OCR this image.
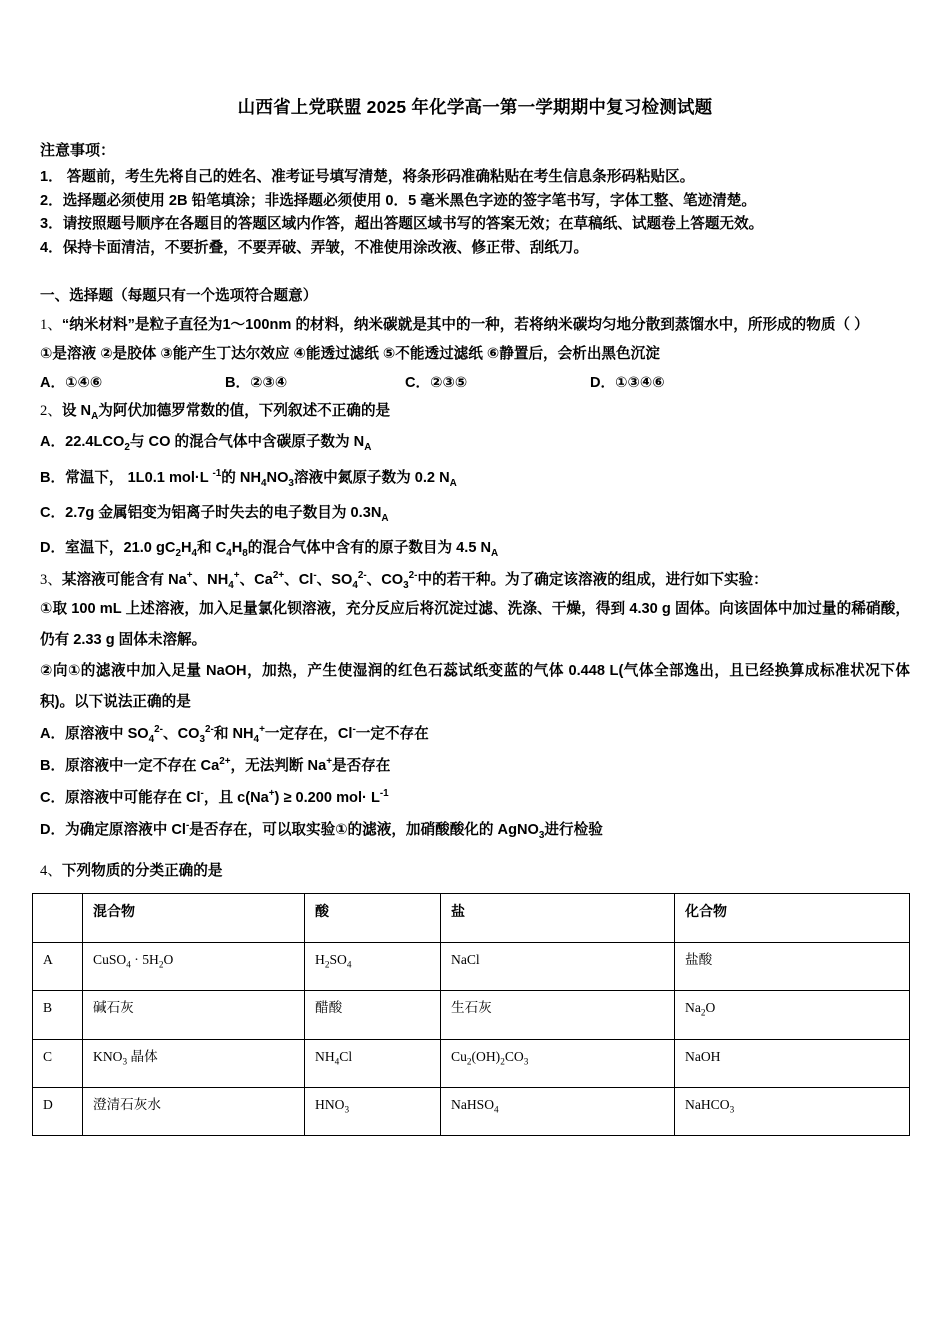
山西省上党联盟 2025 年化学高一第一学期期中复习检测试题
注意事项：
1． 答题前，考生先将自己的姓名、准考证号填写清楚，将条形码准确粘贴在考生信息条形码粘贴区。
2．选择题必须使用 2B 铅笔填涂；非选择题必须使用 0．5 毫米黑色字迹的签字笔书写，字体工整、笔迹清楚。
3．请按照题号顺序在各题目的答题区域内作答，超出答题区域书写的答案无效；在草稿纸、试题卷上答题无效。
4．保持卡面清洁，不要折叠，不要弄破、弄皱，不准使用涂改液、修正带、刮纸刀。
一、选择题（每题只有一个选项符合题意）

1、“纳米材料”是粒子直径为1～100nm 的材料，纳米碳就是其中的一种，若将纳米碳均匀地分散到蒸馏水中，所形成的物质（ ）

①是溶液 ②是胶体 ③能产生丁达尔效应 ④能透过滤纸 ⑤不能透过滤纸 ⑥静置后，会析出黑色沉淀

A．①④⑥	B．②③④	C．②③⑤	D．①③④⑥

2、设 $N_A$为阿伏加德罗常数的值，下列叙述不正确的是

A．$22.4LCO_2$与 CO 的混合气体中含碳原子数为 $N_A$

B．常温下， 1L0.1 mol·L $^{-1}$的 $NH_4NO_3$溶液中氮原子数为 0.2 $N_A$

C．2.7g 金属铝变为铝离子时失去的电子数目为 $0.3N_A$

D．室温下，21.0 $gC_2H_4$和 $C_4H_8$的混合气体中含有的原子数目为 4.5 $N_A$

3、某溶液可能含有 Na+、$NH_4^+$、$Ca^{2+}$、Cl-、$SO_4^{2-}$、$CO_3^{2-}$中的若干种。为了确定该溶液的组成，进行如下实验：

①取 100 mL 上述溶液，加入足量氯化钡溶液，充分反应后将沉淀过滤、洗涤、干燥，得到 4.30 g 固体。向该固体中加过量的稀硝酸，仍有 2.33 g 固体未溶解。

②向①的滤液中加入足量 NaOH，加热，产生使湿润的红色石蕊试纸变蓝的气体 0.448 L(气体全部逸出，且已经换算成标准状况下体积)。以下说法正确的是

A．原溶液中 $SO_4^{2-}$、$CO_3^{2-}$和 $NH_4^+$一定存在，Cl-一定不存在

B．原溶液中一定不存在 $Ca^{2+}$，无法判断 Na+是否存在

C．原溶液中可能存在 Cl-，且 c(Na+) ≥ 0.200 $mol\cdot L^{-1}$

D．为确定原溶液中 Cl-是否存在，可以取实验①的滤液，加硝酸酸化的 AgNO$_3$进行检验

4、下列物质的分类正确的是

	混合物	酸	盐	化合物
A	CuSO$_4$ · $5H_2O$	$H_2SO_4$	NaCl	盐酸
B	碱石灰	醋酸	生石灰	$Na_2O$
C	$KNO_3$ 晶体	$NH_4Cl$	$Cu_2(OH)_2CO_3$	NaOH
D	澄清石灰水	$HNO_3$	NaHSO$_4$	NaHCO$_3$
